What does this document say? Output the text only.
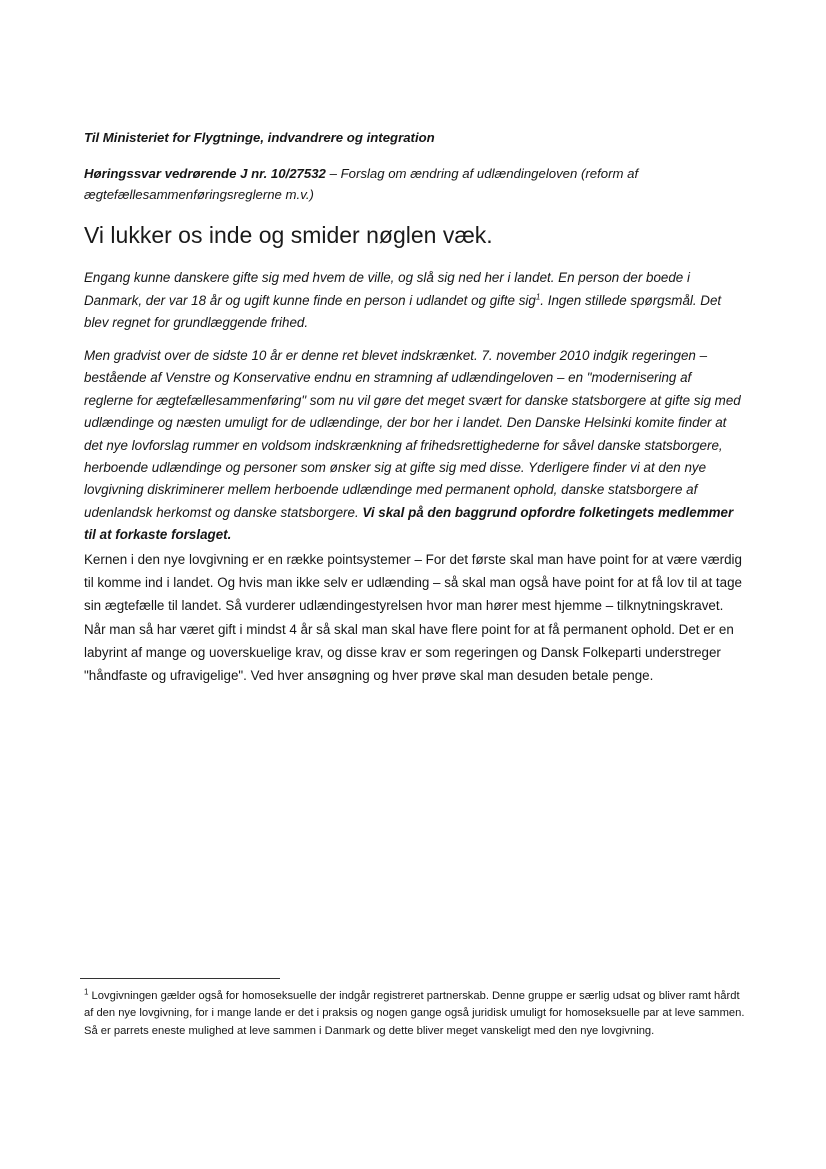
Til Ministeriet for Flygtninge, indvandrere og integration

Høringssvar vedrørende J nr. 10/27532 – Forslag om ændring af udlændingeloven (reform af ægtefællesammenføringsreglerne m.v.)

Vi lukker os inde og smider nøglen væk.

Engang kunne danskere gifte sig med hvem de ville, og slå sig ned her i landet. En person der boede i Danmark, der var 18 år og ugift kunne finde en person i udlandet og gifte sig$^1$. Ingen stillede spørgsmål. Det blev regnet for grundlæggende frihed.

Men gradvist over de sidste 10 år er denne ret blevet indskrænket. 7. november 2010 indgik regeringen – bestående af Venstre og Konservative endnu en stramning af udlændingeloven – en "modernisering af reglerne for ægtefællesammenføring" som nu vil gøre det meget svært for danske statsborgere at gifte sig med udlændinge og næsten umuligt for de udlændinge, der bor her i landet. Den Danske Helsinki komite finder at det nye lovforslag rummer en voldsom indskrænkning af frihedsrettighederne for såvel danske statsborgere, herboende udlændinge og personer som ønsker sig at gifte sig med disse. Yderligere finder vi at den nye lovgivning diskriminerer mellem herboende udlændinge med permanent ophold, danske statsborgere af udenlandsk herkomst og danske statsborgere. Vi skal på den baggrund opfordre folketingets medlemmer til at forkaste forslaget.

Kernen i den nye lovgivning er en række pointsystemer – For det første skal man have point for at være værdig til komme ind i landet. Og hvis man ikke selv er udlænding – så skal man også have point for at få lov til at tage sin ægtefælle til landet. Så vurderer udlændingestyrelsen hvor man hører mest hjemme – tilknytningskravet. Når man så har været gift i mindst 4 år så skal man skal have flere point for at få permanent ophold. Det er en labyrint af mange og uoverskuelige krav, og disse krav er som regeringen og Dansk Folkeparti understreger "håndfaste og ufravigelige". Ved hver ansøgning og hver prøve skal man desuden betale penge.

$^1$ Lovgivningen gælder også for homoseksuelle der indgår registreret partnerskab. Denne gruppe er særlig udsat og bliver ramt hårdt af den nye lovgivning, for i mange lande er det i praksis og nogen gange også juridisk umuligt for homoseksuelle par at leve sammen. Så er parrets eneste mulighed at leve sammen i Danmark og dette bliver meget vanskeligt med den nye lovgivning.
